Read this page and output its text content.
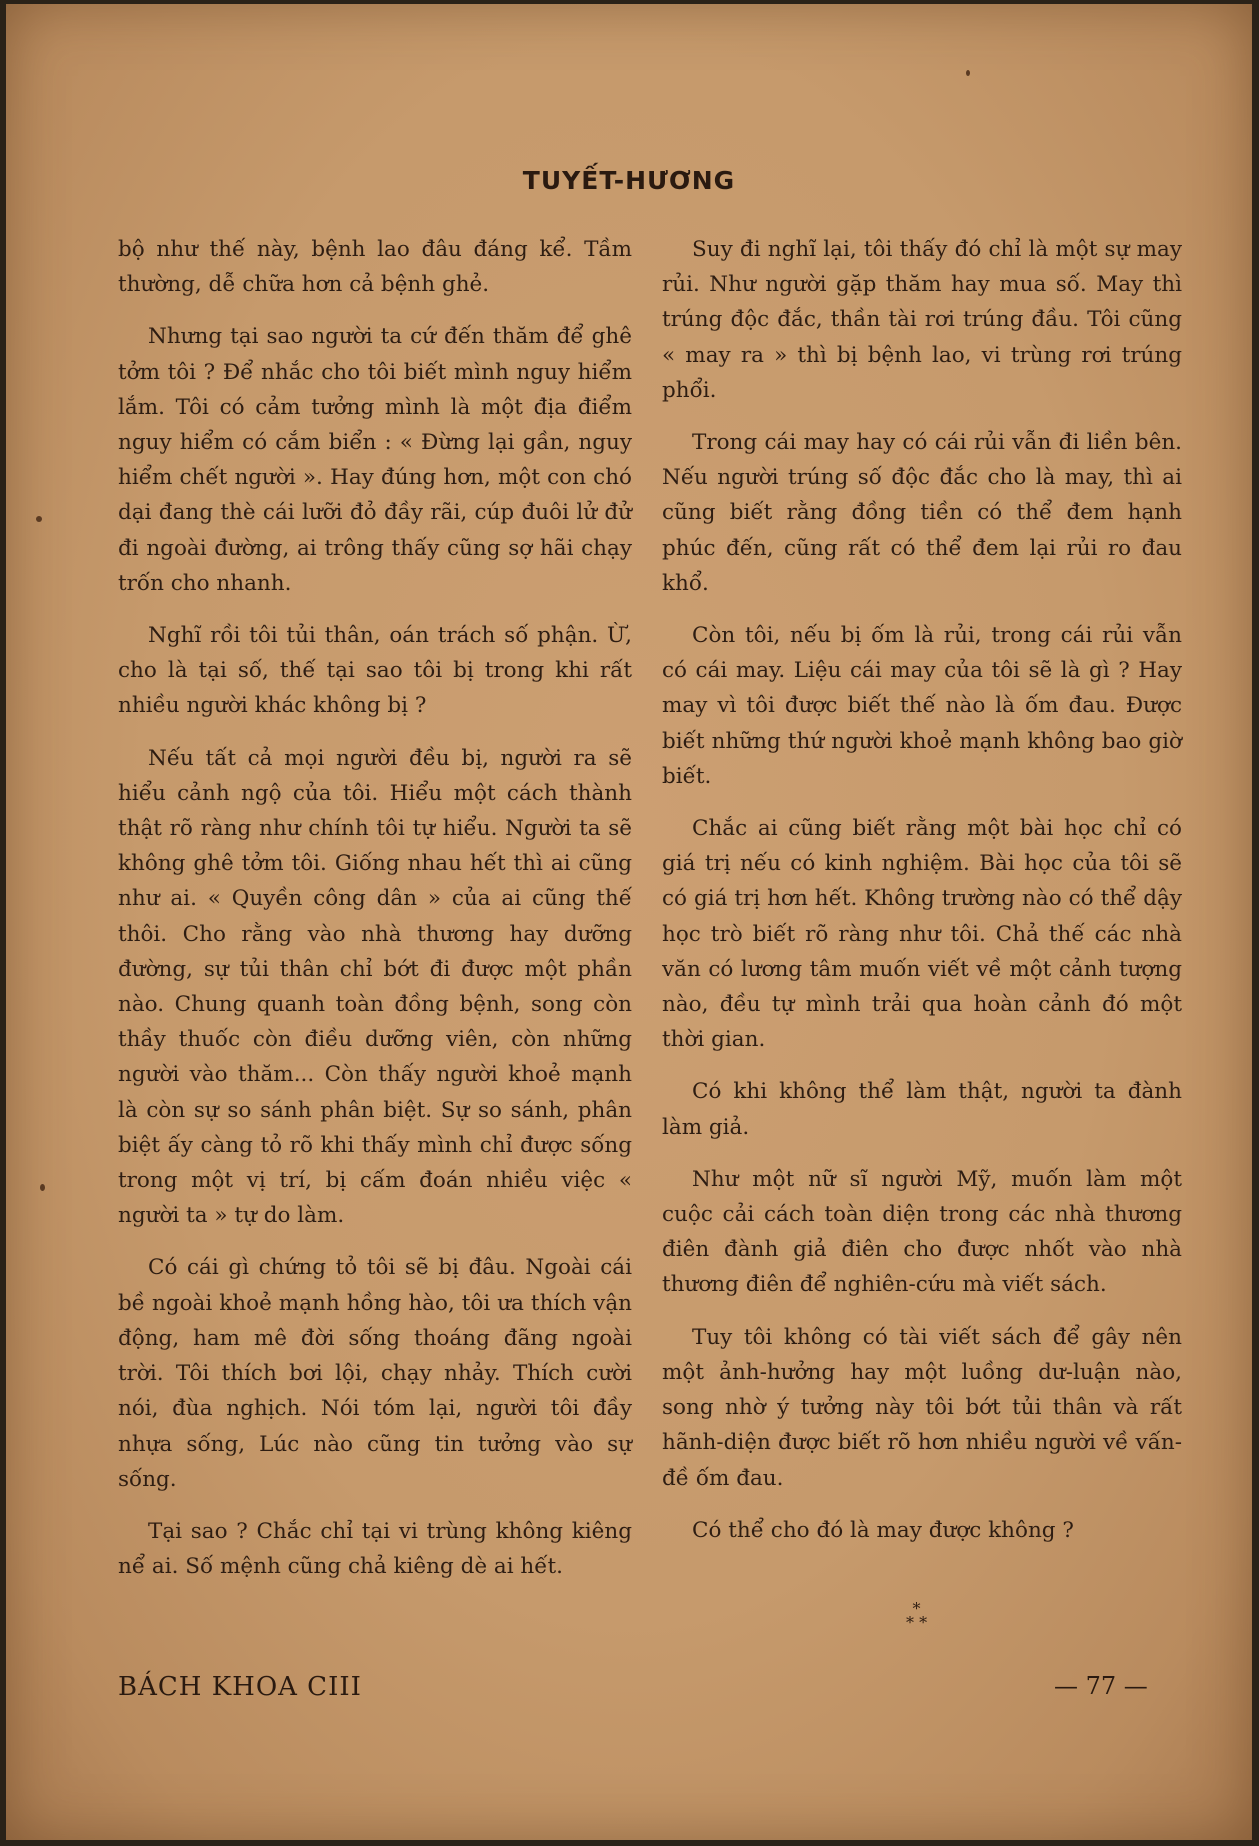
TUYẾT-HƯƠNG

bộ như thế này, bệnh lao đâu đáng kể. Tầm thường, dễ chữa hơn cả bệnh ghẻ.

Nhưng tại sao người ta cứ đến thăm để ghê tởm tôi ? Để nhắc cho tôi biết mình nguy hiểm lắm. Tôi có cảm tưởng mình là một địa điểm nguy hiểm có cắm biển : « Đừng lại gần, nguy hiểm chết người ». Hay đúng hơn, một con chó dại đang thè cái lưỡi đỏ đầy rãi, cúp đuôi lử đử đi ngoài đường, ai trông thấy cũng sợ hãi chạy trốn cho nhanh.

Nghĩ rồi tôi tủi thân, oán trách số phận. Ừ, cho là tại số, thế tại sao tôi bị trong khi rất nhiều người khác không bị ?

Nếu tất cả mọi người đều bị, người ra sẽ hiểu cảnh ngộ của tôi. Hiểu một cách thành thật rõ ràng như chính tôi tự hiểu. Người ta sẽ không ghê tởm tôi. Giống nhau hết thì ai cũng như ai. « Quyền công dân » của ai cũng thế thôi. Cho rằng vào nhà thương hay dưỡng đường, sự tủi thân chỉ bớt đi được một phần nào. Chung quanh toàn đồng bệnh, song còn thầy thuốc còn điều dưỡng viên, còn những người vào thăm... Còn thấy người khoẻ mạnh là còn sự so sánh phân biệt. Sự so sánh, phân biệt ấy càng tỏ rõ khi thấy mình chỉ được sống trong một vị trí, bị cấm đoán nhiều việc « người ta » tự do làm.

Có cái gì chứng tỏ tôi sẽ bị đâu. Ngoài cái bề ngoài khoẻ mạnh hồng hào, tôi ưa thích vận động, ham mê đời sống thoáng đãng ngoài trời. Tôi thích bơi lội, chạy nhảy. Thích cười nói, đùa nghịch. Nói tóm lại, người tôi đầy nhựa sống, Lúc nào cũng tin tưởng vào sự sống.

Tại sao ? Chắc chỉ tại vi trùng không kiêng nể ai. Số mệnh cũng chả kiêng dè ai hết.

Suy đi nghĩ lại, tôi thấy đó chỉ là một sự may rủi. Như người gặp thăm hay mua số. May thì trúng độc đắc, thần tài rơi trúng đầu. Tôi cũng « may ra » thì bị bệnh lao, vi trùng rơi trúng phổi.

Trong cái may hay có cái rủi vẫn đi liền bên. Nếu người trúng số độc đắc cho là may, thì ai cũng biết rằng đồng tiền có thể đem hạnh phúc đến, cũng rất có thể đem lại rủi ro đau khổ.

Còn tôi, nếu bị ốm là rủi, trong cái rủi vẫn có cái may. Liệu cái may của tôi sẽ là gì ? Hay may vì tôi được biết thế nào là ốm đau. Được biết những thứ người khoẻ mạnh không bao giờ biết.

Chắc ai cũng biết rằng một bài học chỉ có giá trị nếu có kinh nghiệm. Bài học của tôi sẽ có giá trị hơn hết. Không trường nào có thể dậy học trò biết rõ ràng như tôi. Chả thế các nhà văn có lương tâm muốn viết về một cảnh tượng nào, đều tự mình trải qua hoàn cảnh đó một thời gian.

Có khi không thể làm thật, người ta đành làm giả.

Như một nữ sĩ người Mỹ, muốn làm một cuộc cải cách toàn diện trong các nhà thương điên đành giả điên cho được nhốt vào nhà thương điên để nghiên-cứu mà viết sách.

Tuy tôi không có tài viết sách để gây nên một ảnh-hưởng hay một luồng dư-luận nào, song nhờ ý tưởng này tôi bớt tủi thân và rất hãnh-diện được biết rõ hơn nhiều người về vấn-đề ốm đau.

Có thể cho đó là may được không ?

*
* *
BÁCH KHOA CIII	— 77 —
